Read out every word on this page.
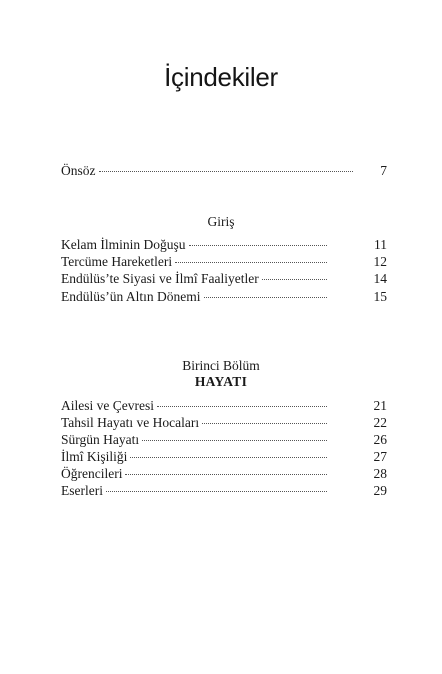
İçindekiler
Önsöz	7
Giriş
Kelam İlminin Doğuşu	11
Tercüme Hareketleri	12
Endülüs’te Siyasi ve İlmî Faaliyetler	14
Endülüs’ün Altın Dönemi	15
Birinci Bölüm
HAYATI
Ailesi ve Çevresi	21
Tahsil Hayatı ve Hocaları	22
Sürgün Hayatı	26
İlmî Kişiliği	27
Öğrencileri	28
Eserleri	29
